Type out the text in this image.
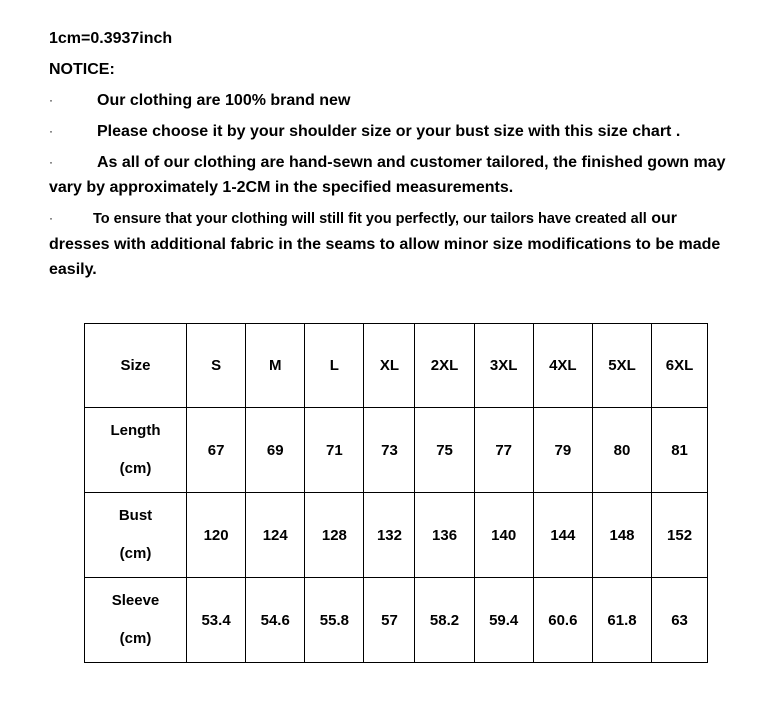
1cm=0.3937inch
NOTICE:
·	Our clothing are 100% brand new
·	Please choose it by your shoulder size or your bust size with this size chart .
·	As all of our clothing are hand-sewn and customer tailored, the finished gown may vary by approximately 1-2CM in the specified measurements.
·	To ensure that your clothing will still fit you perfectly, our tailors have created all our dresses with additional fabric in the seams to allow minor size modifications to be made easily.
Size	S	M	L	XL	2XL	3XL	4XL	5XL	6XL
Length
(cm)	67	69	71	73	75	77	79	80	81
Bust
(cm)	120	124	128	132	136	140	144	148	152
Sleeve
(cm)	53.4	54.6	55.8	57	58.2	59.4	60.6	61.8	63
